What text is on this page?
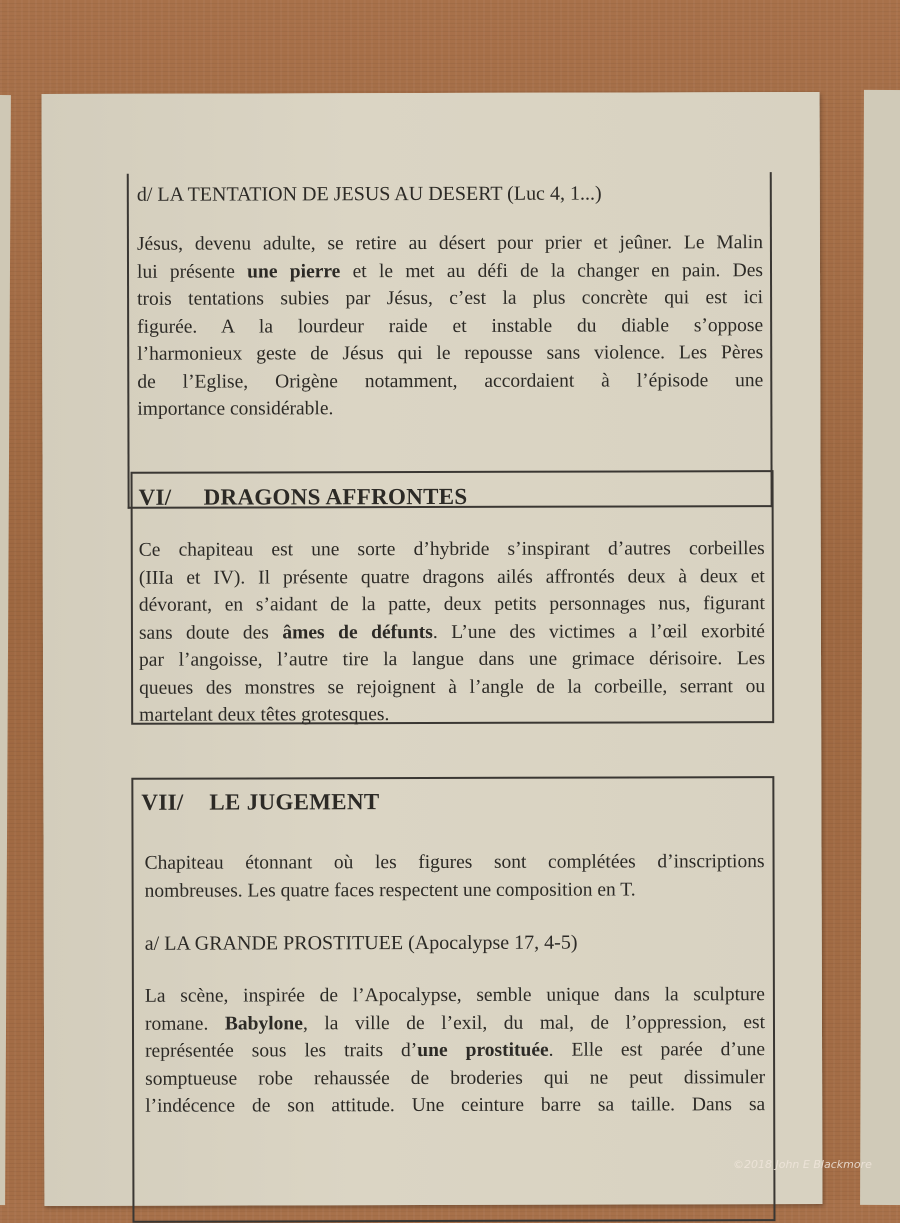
d/ LA TENTATION DE JESUS AU DESERT (Luc 4, 1...)
Jésus, devenu adulte, se retire au désert pour prier et jeûner. Le Malin
lui présente une pierre et le met au défi de la changer en pain. Des
trois tentations subies par Jésus, c’est la plus concrète qui est ici
figurée. A la lourdeur raide et instable du diable s’oppose
l’harmonieux geste de Jésus qui le repousse sans violence. Les Pères
de l’Eglise, Origène notamment, accordaient à l’épisode une
importance considérable.
VI/ DRAGONS AFFRONTES
Ce chapiteau est une sorte d’hybride s’inspirant d’autres corbeilles
(IIIa et IV). Il présente quatre dragons ailés affrontés deux à deux et
dévorant, en s’aidant de la patte, deux petits personnages nus, figurant
sans doute des âmes de défunts. L’une des victimes a l’œil exorbité
par l’angoisse, l’autre tire la langue dans une grimace dérisoire. Les
queues des monstres se rejoignent à l’angle de la corbeille, serrant ou
martelant deux têtes grotesques.
VII/ LE JUGEMENT
Chapiteau étonnant où les figures sont complétées d’inscriptions
nombreuses. Les quatre faces respectent une composition en T.
a/ LA GRANDE PROSTITUEE (Apocalypse 17, 4-5)
La scène, inspirée de l’Apocalypse, semble unique dans la sculpture
romane. Babylone, la ville de l’exil, du mal, de l’oppression, est
représentée sous les traits d’une prostituée. Elle est parée d’une
somptueuse robe rehaussée de broderies qui ne peut dissimuler
l’indécence de son attitude. Une ceinture barre sa taille. Dans sa
©2018 John E Blackmore
